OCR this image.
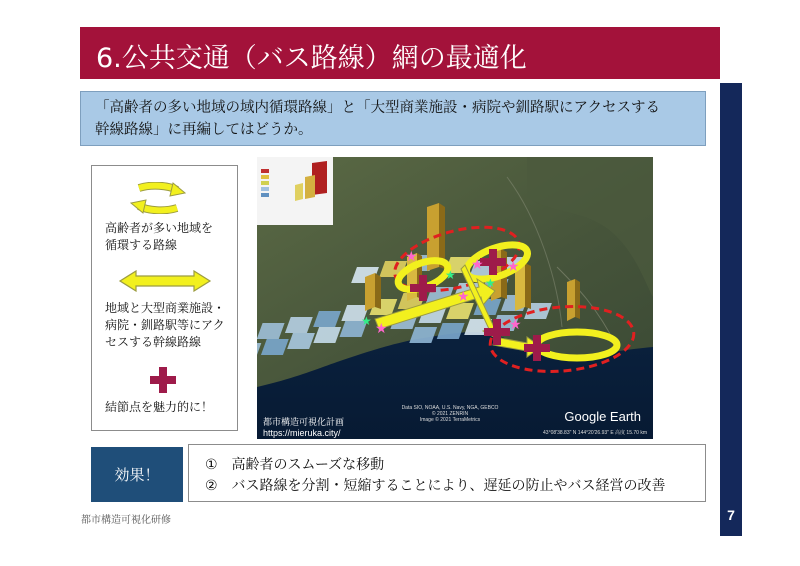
6.公共交通（バス路線）網の最適化
7
「高齢者の多い地域の域内循環路線」と「大型商業施設・病院や釧路駅にアクセスする
幹線路線」に再編してはどうか。
高齢者が多い地域を
循環する路線
地域と大型商業施設・
病院・釧路駅等にアク
セスする幹線路線
結節点を魅力的に！
★	★ ★
★
★	★
★
★
★
Data SIO, NOAA, U.S. Navy, NGA, GEBCO
© 2021 ZENRIN
Image © 2021 TerraMetrics
都市構造可視化計画
https://mieruka.city/
Google Earth
43°08'38.83" N 144°20'26.93" E 高度 15.70 km
効果！
①　高齢者のスムーズな移動
②　バス路線を分割・短縮することにより、遅延の防止やバス経営の改善
都市構造可視化研修
